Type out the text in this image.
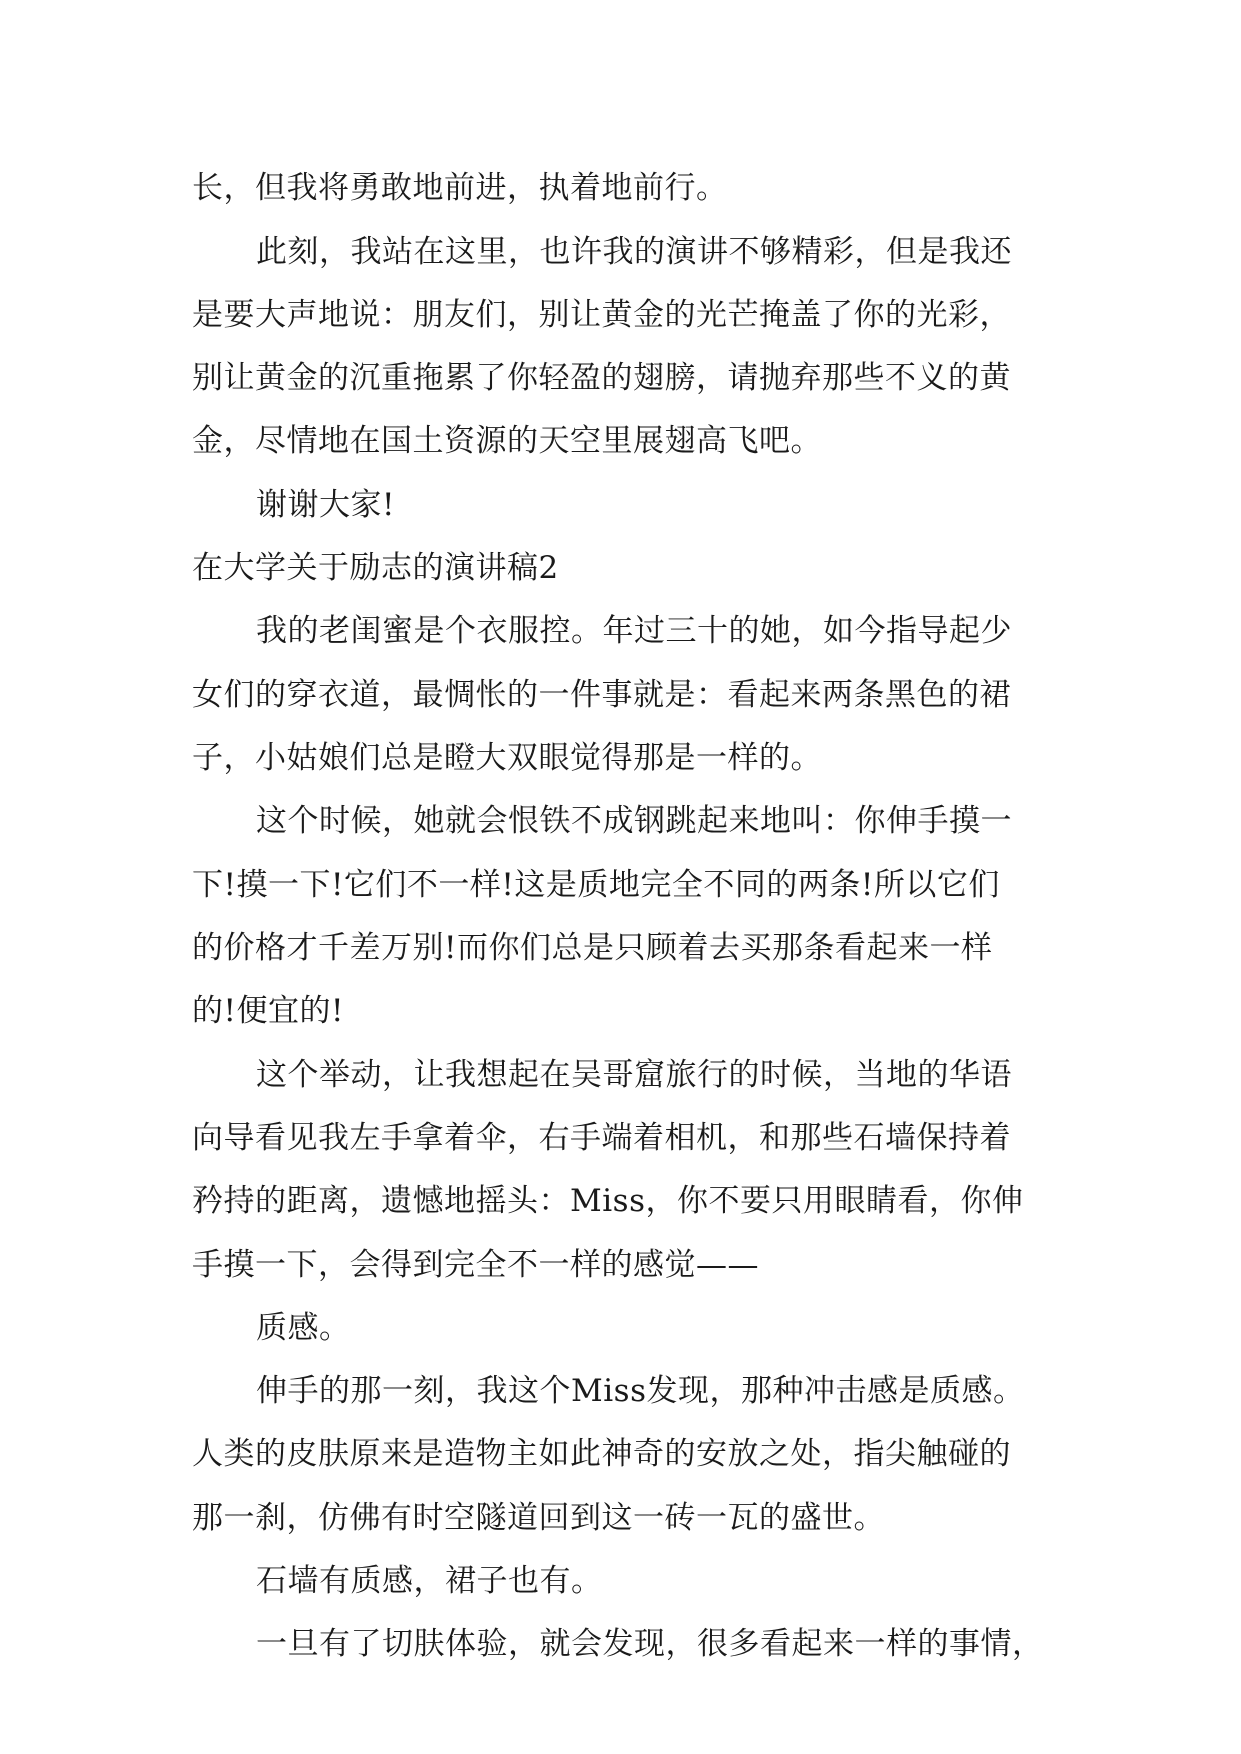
长，但我将勇敢地前进，执着地前行。

此刻，我站在这里，也许我的演讲不够精彩，但是我还

是要大声地说：朋友们，别让黄金的光芒掩盖了你的光彩，

别让黄金的沉重拖累了你轻盈的翅膀，请抛弃那些不义的黄

金，尽情地在国土资源的天空里展翅高飞吧。

谢谢大家!

在大学关于励志的演讲稿2

我的老闺蜜是个衣服控。年过三十的她，如今指导起少

女们的穿衣道，最惆怅的一件事就是：看起来两条黑色的裙

子，小姑娘们总是瞪大双眼觉得那是一样的。

这个时候，她就会恨铁不成钢跳起来地叫：你伸手摸一

下!摸一下!它们不一样!这是质地完全不同的两条!所以它们

的价格才千差万别!而你们总是只顾着去买那条看起来一样

的!便宜的!

这个举动，让我想起在吴哥窟旅行的时候，当地的华语

向导看见我左手拿着伞，右手端着相机，和那些石墙保持着

矜持的距离，遗憾地摇头：Miss，你不要只用眼睛看，你伸

手摸一下，会得到完全不一样的感觉——

质感。

伸手的那一刻，我这个Miss发现，那种冲击感是质感。

人类的皮肤原来是造物主如此神奇的安放之处，指尖触碰的

那一刹，仿佛有时空隧道回到这一砖一瓦的盛世。

石墙有质感，裙子也有。

一旦有了切肤体验，就会发现，很多看起来一样的事情，
